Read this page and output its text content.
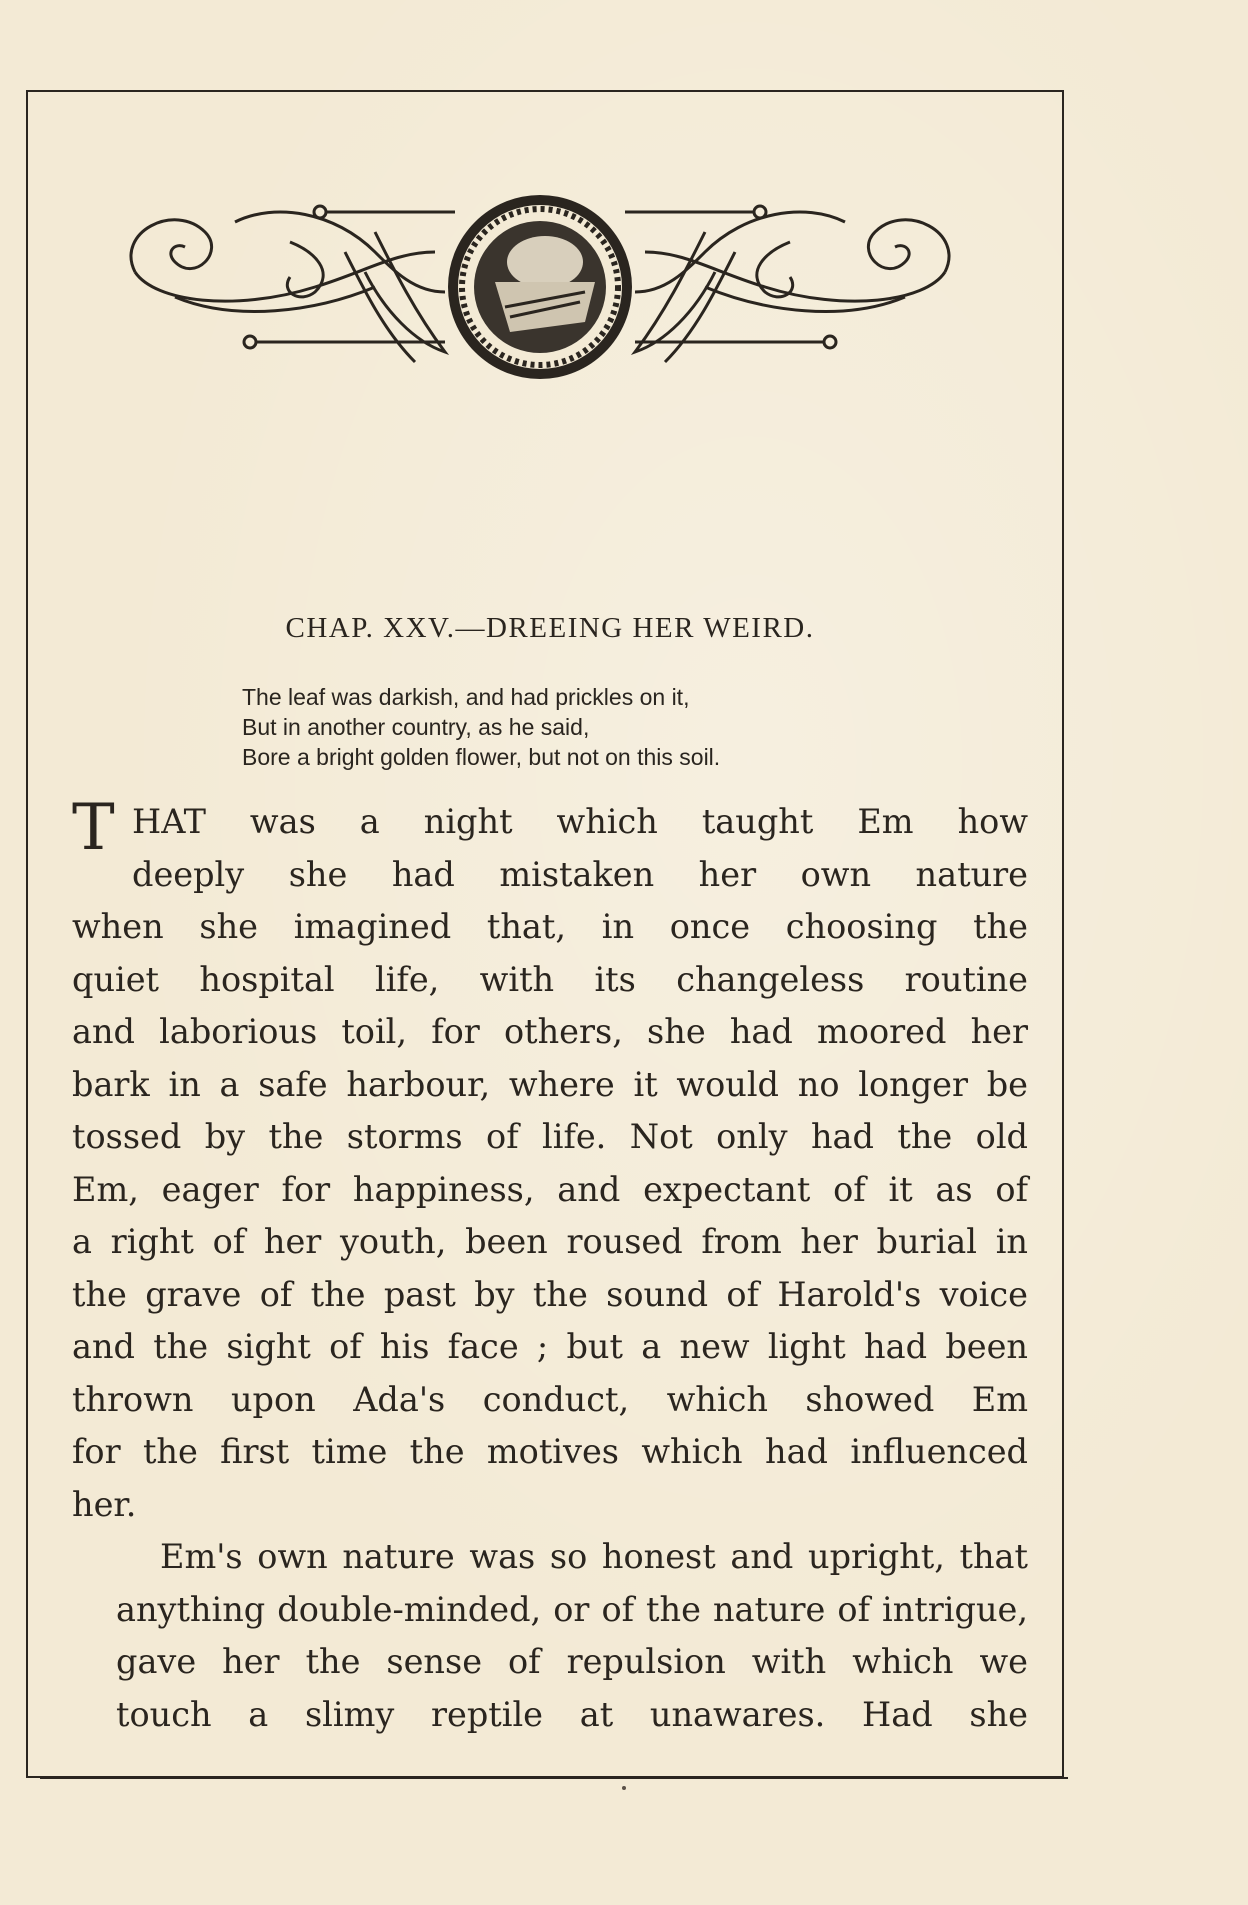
CHAP. XXV.—DREEING HER WEIRD.
The leaf was darkish, and had prickles on it,
But in another country, as he said,
Bore a bright golden flower, but not on this soil.
T HAT was a night which taught Em how
deeply she had mistaken her own nature
when she imagined that, in once choosing the
quiet hospital life, with its changeless routine
and laborious toil, for others, she had moored her
bark in a safe harbour, where it would no longer be
tossed by the storms of life. Not only had the old
Em, eager for happiness, and expectant of it as of
a right of her youth, been roused from her burial in
the grave of the past by the sound of Harold's voice
and the sight of his face ; but a new light had been
thrown upon Ada's conduct, which showed Em
for the first time the motives which had influenced
her.
Em's own nature was so honest and upright, that
anything double-minded, or of the nature of intrigue,
gave her the sense of repulsion with which we
touch a slimy reptile at unawares. Had she
